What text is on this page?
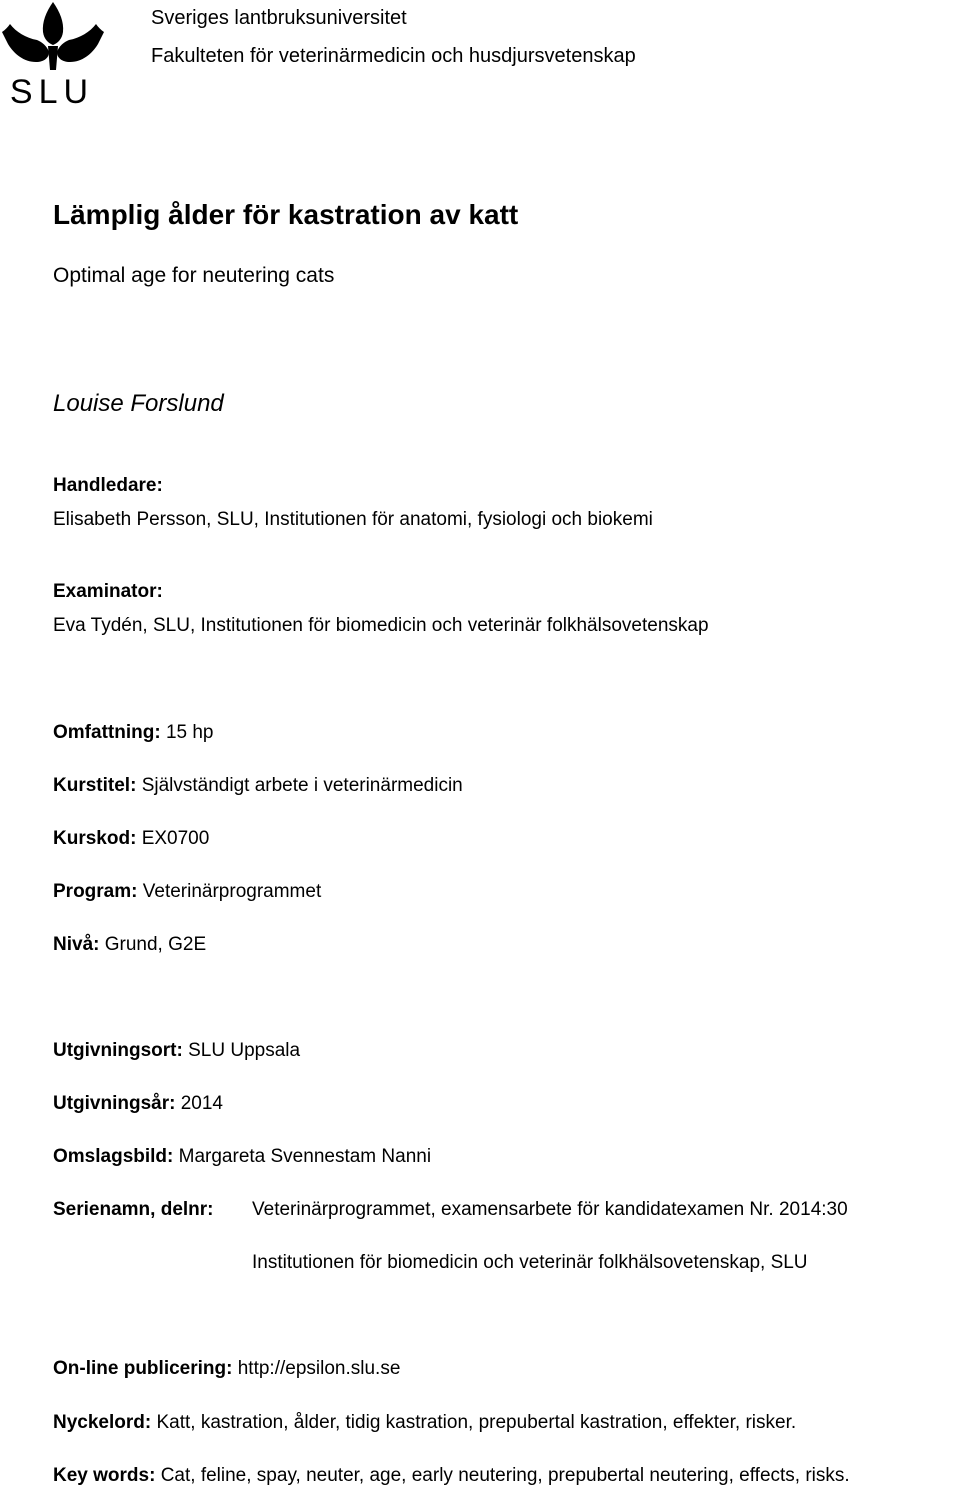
SLU
Sveriges lantbruksuniversitet
Fakulteten för veterinärmedicin och husdjursvetenskap
Lämplig ålder för kastration av katt
Optimal age for neutering cats
Louise Forslund
Handledare:
Elisabeth Persson, SLU, Institutionen för anatomi, fysiologi och biokemi
Examinator:
Eva Tydén, SLU, Institutionen för biomedicin och veterinär folkhälsovetenskap
Omfattning: 15 hp
Kurstitel: Självständigt arbete i veterinärmedicin
Kurskod: EX0700
Program: Veterinärprogrammet
Nivå: Grund, G2E
Utgivningsort: SLU Uppsala
Utgivningsår: 2014
Omslagsbild: Margareta Svennestam Nanni
Serienamn, delnr: Veterinärprogrammet, examensarbete för kandidatexamen Nr. 2014:30
Institutionen för biomedicin och veterinär folkhälsovetenskap, SLU
On-line publicering: http://epsilon.slu.se
Nyckelord: Katt, kastration, ålder, tidig kastration, prepubertal kastration, effekter, risker.
Key words: Cat, feline, spay, neuter, age, early neutering, prepubertal neutering, effects, risks.
